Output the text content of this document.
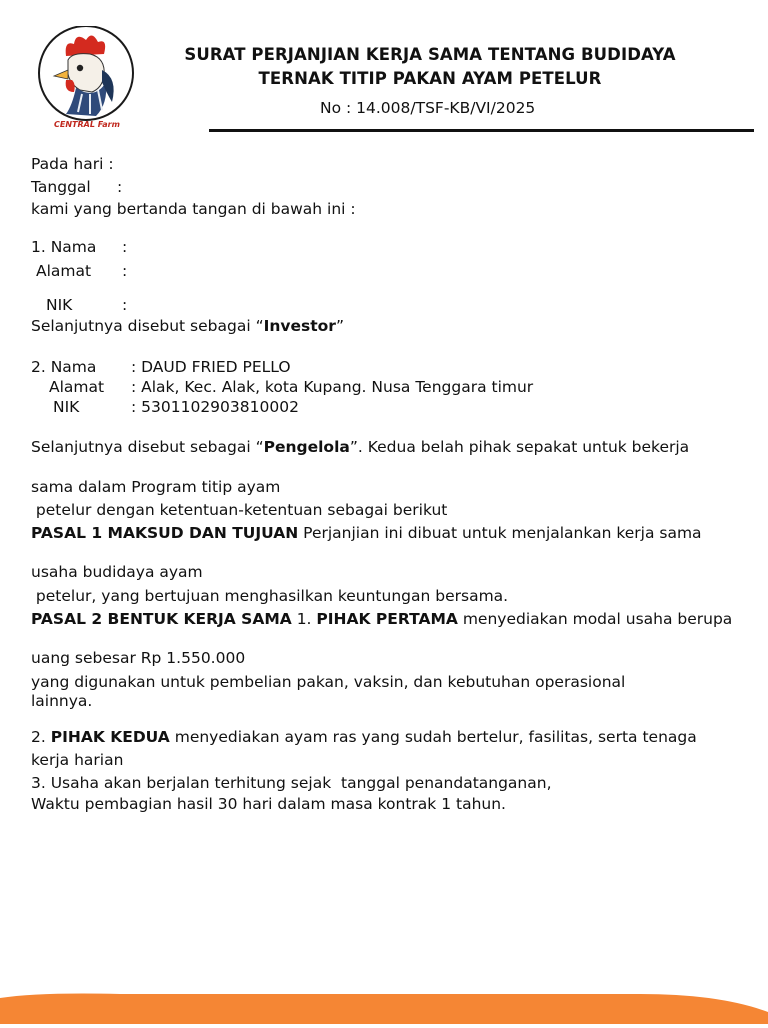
CENTRAL Farm
SURAT PERJANJIAN KERJA SAMA TENTANG BUDIDAYA
TERNAK TITIP PAKAN AYAM PETELUR
No : 14.008/TSF-KB/VI/2025
Pada hari :
Tanggal :
kami yang bertanda tangan di bawah ini :
1. Nama :
Alamat :
NIK	:
Selanjutnya disebut sebagai “Investor”
2. Nama : DAUD FRIED PELLO
Alamat : Alak, Kec. Alak, kota Kupang. Nusa Tenggara timur
NIK	: 5301102903810002
Selanjutnya disebut sebagai “Pengelola”. Kedua belah pihak sepakat untuk bekerja
sama dalam Program titip ayam
petelur dengan ketentuan-ketentuan sebagai berikut
PASAL 1 MAKSUD DAN TUJUAN Perjanjian ini dibuat untuk menjalankan kerja sama
usaha budidaya ayam
petelur, yang bertujuan menghasilkan keuntungan bersama.
PASAL 2 BENTUK KERJA SAMA 1. PIHAK PERTAMA menyediakan modal usaha berupa
uang sebesar Rp 1.550.000
yang digunakan untuk pembelian pakan, vaksin, dan kebutuhan operasional
lainnya.
2. PIHAK KEDUA menyediakan ayam ras yang sudah bertelur, fasilitas, serta tenaga
kerja harian
3. Usaha akan berjalan terhitung sejak  tanggal penandatanganan,
Waktu pembagian hasil 30 hari dalam masa kontrak 1 tahun.
